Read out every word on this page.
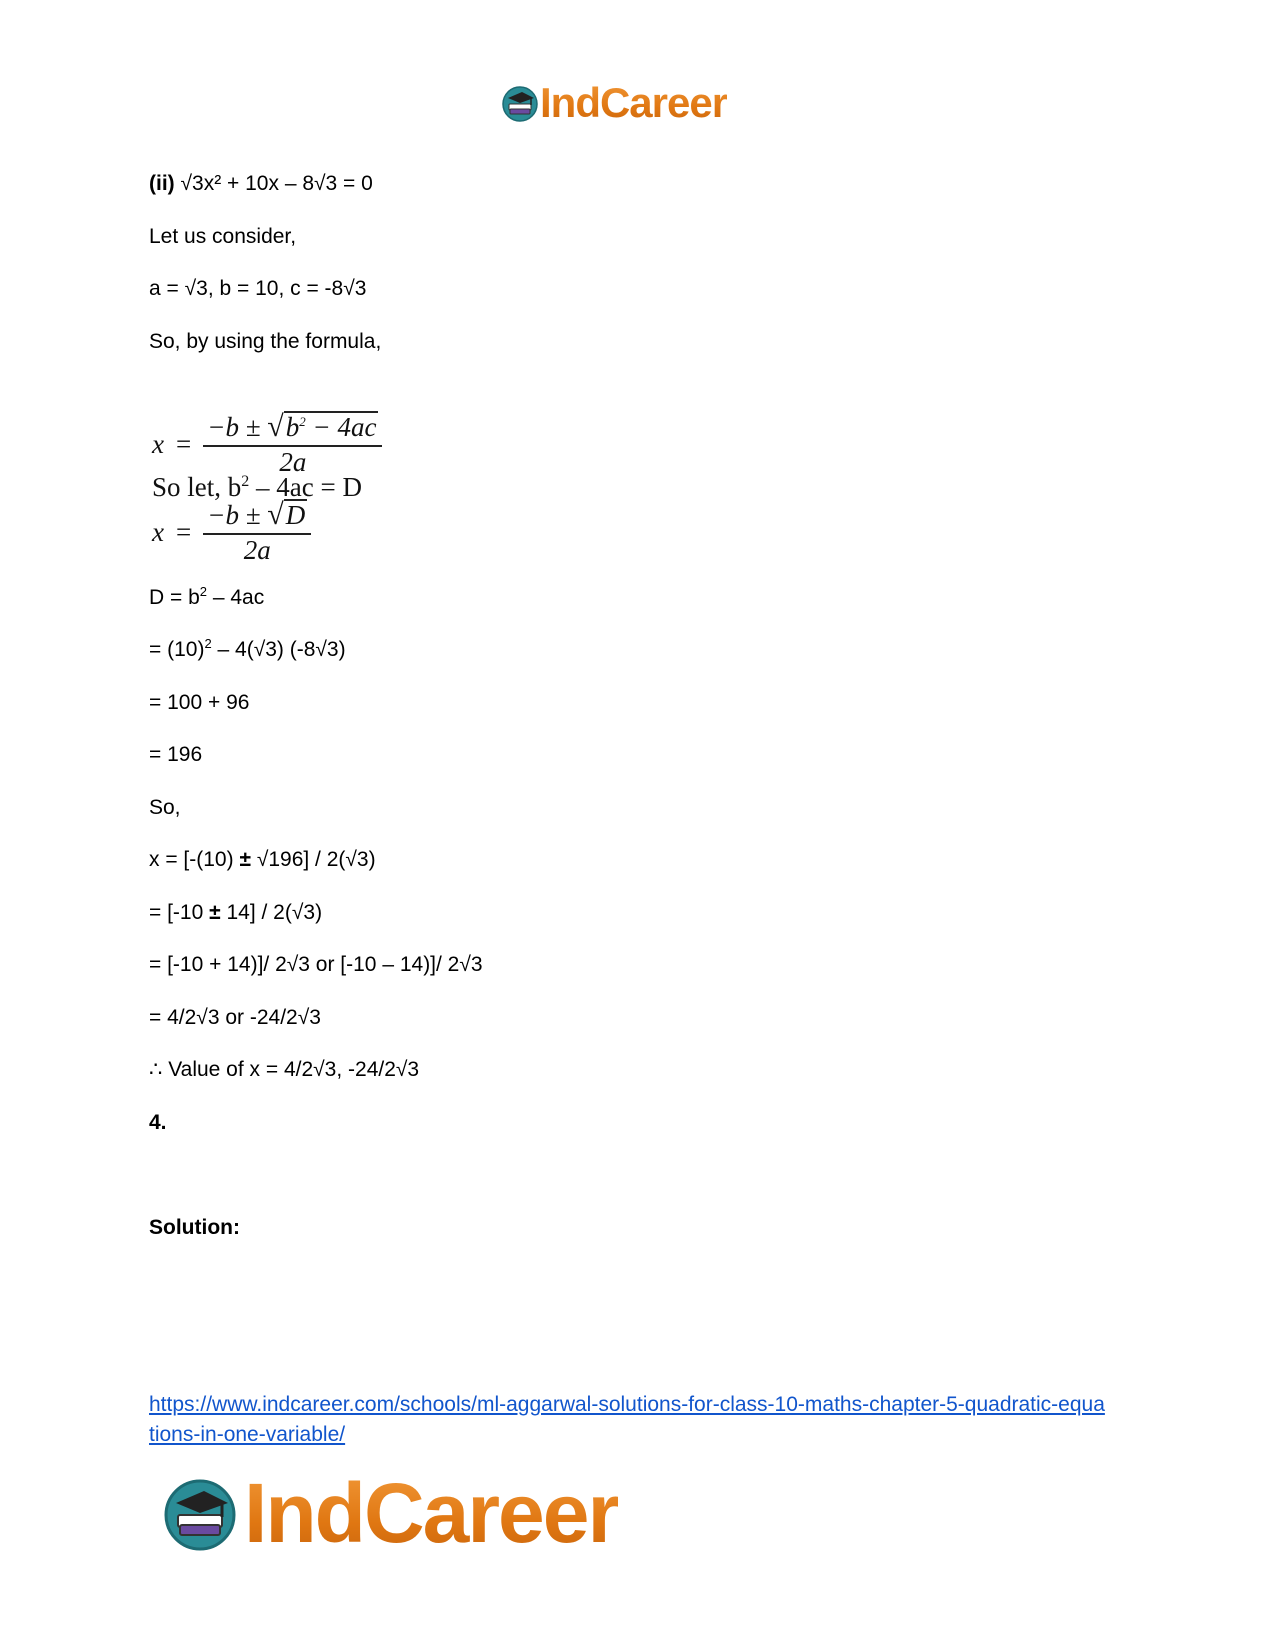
IndCareer
(ii) √3x² + 10x – 8√3 = 0
Let us consider,
a = √3, b = 10, c = -8√3
So, by using the formula,
$x = \frac{-b \pm √ b^2 - 4ac}{2a}$
So let, $b^2 - 4ac = D$
$x = \frac{-b \pm √ D}{2a}$
$D = b^2 - 4ac$
= $(10)^2 - 4(√3)$ (-8√3)
= 100 + 96
= 196
So,
x = [-(10) ± √196] / 2(√3)
= [-10 ± 14] / 2(√3)
= [-10 + 14)]/ 2√3 or [-10 – 14)]/ 2√3
= 4/2√3 or -24/2√3
∴ Value of x = 4/2√3, -24/2√3
4.
Solution:
https://www.indcareer.com/schools/ml-aggarwal-solutions-for-class-10-maths-chapter-5-quadratic-equations-in-one-variable/
IndCareer
